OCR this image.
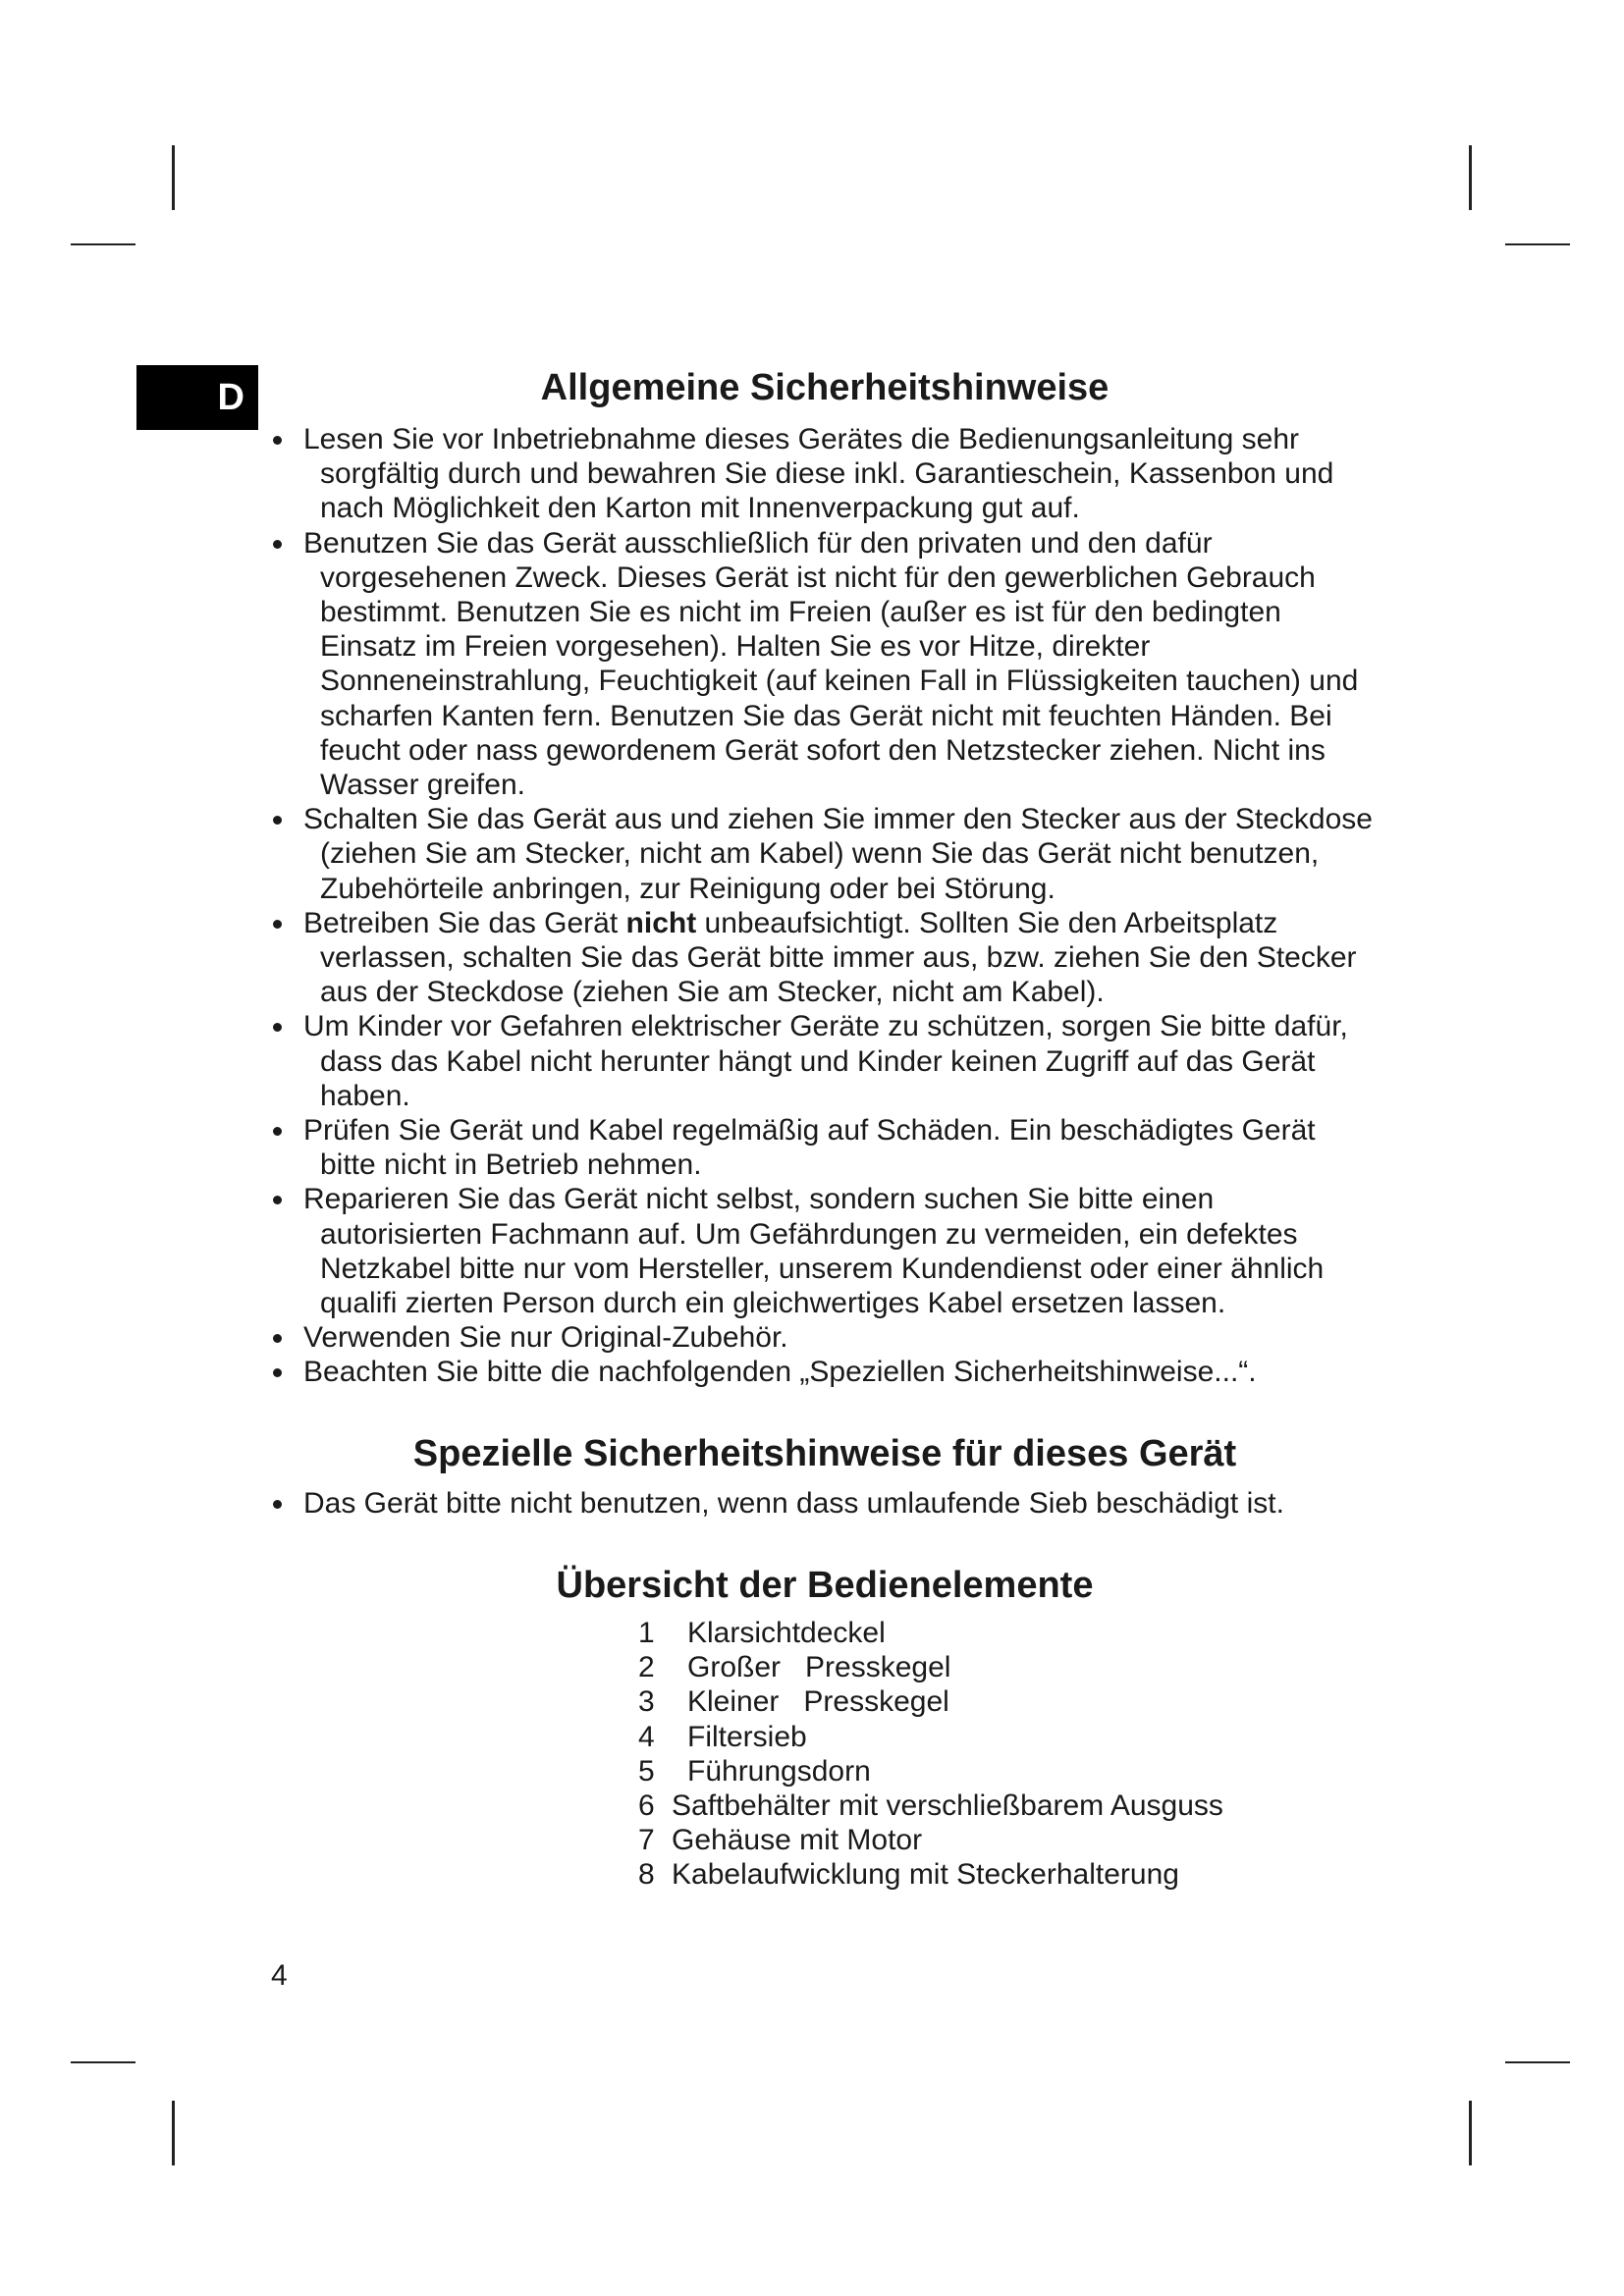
D	Allgemeine Sicherheitshinweise
Lesen Sie vor Inbetriebnahme dieses Gerätes die Bedienungsanleitung sehr sorgfältig durch und bewahren Sie diese inkl. Garantieschein, Kassenbon und nach Möglichkeit den Karton mit Innenverpackung gut auf.
Benutzen Sie das Gerät ausschließlich für den privaten und den dafür vorgesehenen Zweck. Dieses Gerät ist nicht für den gewerblichen Gebrauch bestimmt. Benutzen Sie es nicht im Freien (außer es ist für den bedingten Einsatz im Freien vorgesehen). Halten Sie es vor Hitze, direkter Sonneneinstrahlung, Feuchtigkeit (auf keinen Fall in Flüssigkeiten tauchen) und scharfen Kanten fern. Benutzen Sie das Gerät nicht mit feuchten Händen. Bei feucht oder nass gewordenem Gerät sofort den Netzstecker ziehen. Nicht ins Wasser greifen.
Schalten Sie das Gerät aus und ziehen Sie immer den Stecker aus der Steckdose (ziehen Sie am Stecker, nicht am Kabel) wenn Sie das Gerät nicht benutzen, Zubehörteile anbringen, zur Reinigung oder bei Störung.
Betreiben Sie das Gerät nicht unbeaufsichtigt. Sollten Sie den Arbeitsplatz verlassen, schalten Sie das Gerät bitte immer aus, bzw. ziehen Sie den Stecker aus der Steckdose (ziehen Sie am Stecker, nicht am Kabel).
Um Kinder vor Gefahren elektrischer Geräte zu schützen, sorgen Sie bitte dafür, dass das Kabel nicht herunter hängt und Kinder keinen Zugriff auf das Gerät haben.
Prüfen Sie Gerät und Kabel regelmäßig auf Schäden. Ein beschädigtes Gerät bitte nicht in Betrieb nehmen.
Reparieren Sie das Gerät nicht selbst, sondern suchen Sie bitte einen autorisierten Fachmann auf. Um Gefährdungen zu vermeiden, ein defektes Netzkabel bitte nur vom Hersteller, unserem Kundendienst oder einer ähnlich qualifi zierten Person durch ein gleichwertiges Kabel ersetzen lassen.
Verwenden Sie nur Original-Zubehör.
Beachten Sie bitte die nachfolgenden „Speziellen Sicherheitshinweise...“.
Spezielle Sicherheitshinweise für dieses Gerät
Das Gerät bitte nicht benutzen, wenn dass umlaufende Sieb beschädigt ist.
Übersicht der Bedienelemente
1 Klarsichtdeckel
2 Großer   Presskegel
3 Kleiner   Presskegel
4 Filtersieb
5 Führungsdorn
6 Saftbehälter mit verschließbarem Ausguss
7 Gehäuse mit Motor
8 Kabelaufwicklung mit Steckerhalterung
4
